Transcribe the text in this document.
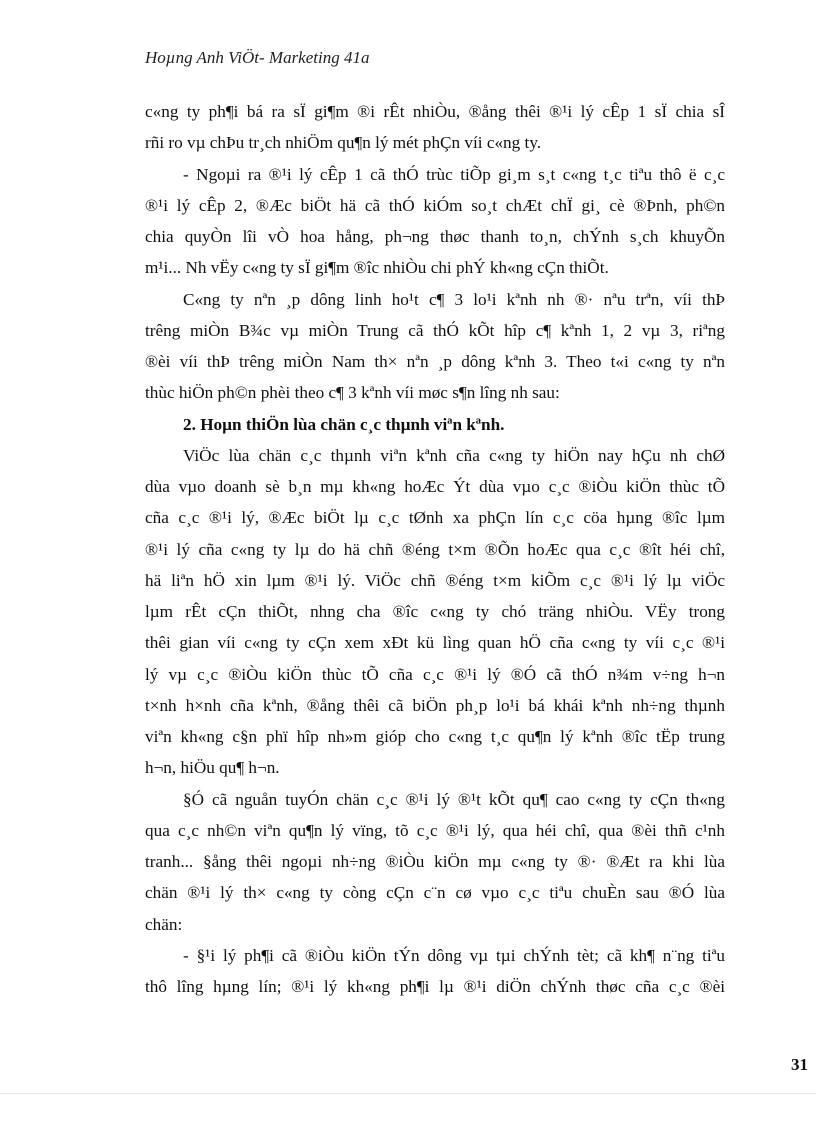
Hoµng Anh ViÖt- Marketing 41a
c«ng ty ph¶i bá ra sÏ gi¶m ®i rÊt nhiÒu, ®ång thêi ®¹i lý cÊp 1 sÏ chia sÎ
rñi ro vµ chÞu tr¸ch nhiÖm qu¶n lý mét phÇn víi c«ng ty.
- Ngoµi ra ®¹i lý cÊp 1 cã thÓ trùc tiÕp gi¸m s¸t c«ng t¸c tiªu thô ë c¸c
®¹i lý cÊp 2, ®Æc biÖt hä cã thÓ kiÓm so¸t chÆt chÏ gi¸ cè ®Þnh, ph©n
chia quyÒn lîi vÒ hoa hång, ph¬ng thøc thanh to¸n, chÝnh s¸ch khuyÕn
m¹i... Nh vËy c«ng ty sÏ gi¶m ®îc nhiÒu chi phÝ kh«ng cÇn thiÕt.
C«ng ty nªn ¸p dông linh ho¹t c¶ 3 lo¹i kªnh nh ®· nªu trªn, víi thÞ
trêng miÒn B¾c vµ miÒn Trung cã thÓ kÕt hîp c¶ kªnh 1, 2 vµ 3, riªng
®èi víi thÞ trêng miÒn Nam th× nªn ¸p dông kªnh 3. Theo t«i c«ng ty nªn
thùc hiÖn ph©n phèi theo c¶ 3 kªnh víi møc s¶n lîng nh sau:
2. Hoµn thiÖn lùa chän c¸c thµnh viªn kªnh.
ViÖc lùa chän c¸c thµnh viªn kªnh cña c«ng ty hiÖn nay hÇu nh chØ
dùa vµo doanh sè b¸n mµ kh«ng hoÆc Ýt dùa vµo c¸c ®iÒu kiÖn thùc tÕ
cña c¸c ®¹i lý, ®Æc biÖt lµ c¸c tØnh xa phÇn lín c¸c cöa hµng ®îc lµm
®¹i lý cña c«ng ty lµ do hä chñ ®éng t×m ®Õn hoÆc qua c¸c ®ît héi chî,
hä liªn hÖ xin lµm ®¹i lý. ViÖc chñ ®éng t×m kiÕm c¸c ®¹i lý lµ viÖc
lµm rÊt cÇn thiÕt, nhng cha ®îc c«ng ty chó träng nhiÒu. VËy trong
thêi gian víi c«ng ty cÇn xem xÐt kü lìng quan hÖ cña c«ng ty víi c¸c ®¹i
lý vµ c¸c ®iÒu kiÖn thùc tÕ cña c¸c ®¹i lý ®Ó cã thÓ n¾m v÷ng h¬n
t×nh h×nh cña kªnh, ®ång thêi cã biÖn ph¸p lo¹i bá khái kªnh nh÷ng thµnh
viªn kh«ng c§n phï hîp nh»m gióp cho c«ng t¸c qu¶n lý kªnh ®îc tËp trung
h¬n, hiÖu qu¶ h¬n.
§Ó cã nguån tuyÓn chän c¸c ®¹i lý ®¹t kÕt qu¶ cao c«ng ty cÇn th«ng
qua c¸c nh©n viªn qu¶n lý vïng, tõ c¸c ®¹i lý, qua héi chî, qua ®èi thñ c¹nh
tranh... §ång thêi ngoµi nh÷ng ®iÒu kiÖn mµ c«ng ty ®· ®Æt ra khi lùa
chän ®¹i lý th× c«ng ty còng cÇn c¨n cø vµo c¸c tiªu chuÈn sau ®Ó lùa
chän:
- §¹i lý ph¶i cã ®iÒu kiÖn tÝn dông vµ tµi chÝnh tèt; cã kh¶ n¨ng tiªu
thô lîng hµng lín; ®¹i lý kh«ng ph¶i lµ ®¹i diÖn chÝnh thøc cña c¸c ®èi
31
